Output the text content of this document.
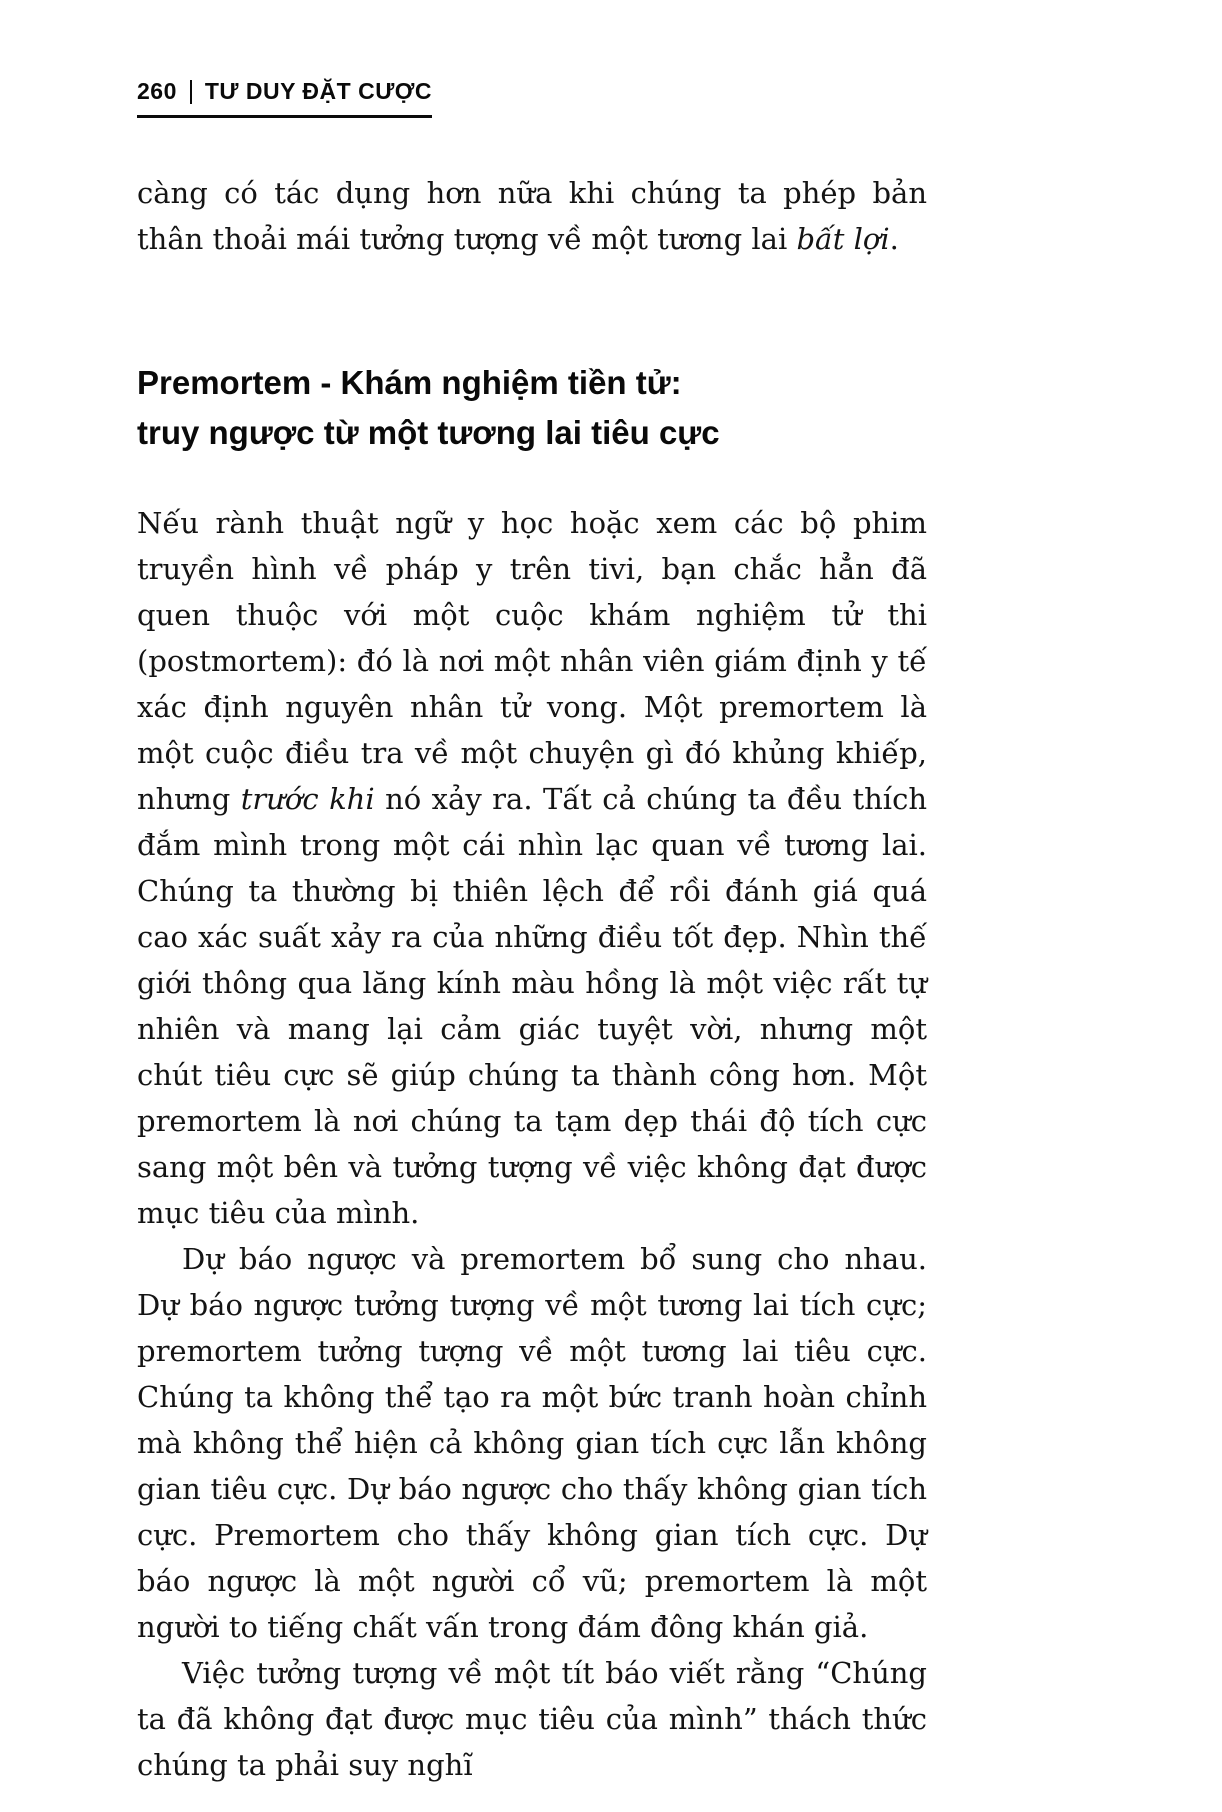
260 TƯ DUY ĐẶT CƯỢC

càng có tác dụng hơn nữa khi chúng ta phép bản thân thoải mái tưởng tượng về một tương lai bất lợi.

Premortem - Khám nghiệm tiền tử:
truy ngược từ một tương lai tiêu cực

Nếu rành thuật ngữ y học hoặc xem các bộ phim truyền hình về pháp y trên tivi, bạn chắc hẳn đã quen thuộc với một cuộc khám nghiệm tử thi (postmortem): đó là nơi một nhân viên giám định y tế xác định nguyên nhân tử vong. Một premortem là một cuộc điều tra về một chuyện gì đó khủng khiếp, nhưng trước khi nó xảy ra. Tất cả chúng ta đều thích đắm mình trong một cái nhìn lạc quan về tương lai. Chúng ta thường bị thiên lệch để rồi đánh giá quá cao xác suất xảy ra của những điều tốt đẹp. Nhìn thế giới thông qua lăng kính màu hồng là một việc rất tự nhiên và mang lại cảm giác tuyệt vời, nhưng một chút tiêu cực sẽ giúp chúng ta thành công hơn. Một premortem là nơi chúng ta tạm dẹp thái độ tích cực sang một bên và tưởng tượng về việc không đạt được mục tiêu của mình.

Dự báo ngược và premortem bổ sung cho nhau. Dự báo ngược tưởng tượng về một tương lai tích cực; premortem tưởng tượng về một tương lai tiêu cực. Chúng ta không thể tạo ra một bức tranh hoàn chỉnh mà không thể hiện cả không gian tích cực lẫn không gian tiêu cực. Dự báo ngược cho thấy không gian tích cực. Premortem cho thấy không gian tích cực. Dự báo ngược là một người cổ vũ; premortem là một người to tiếng chất vấn trong đám đông khán giả.

Việc tưởng tượng về một tít báo viết rằng “Chúng ta đã không đạt được mục tiêu của mình” thách thức chúng ta phải suy nghĩ
